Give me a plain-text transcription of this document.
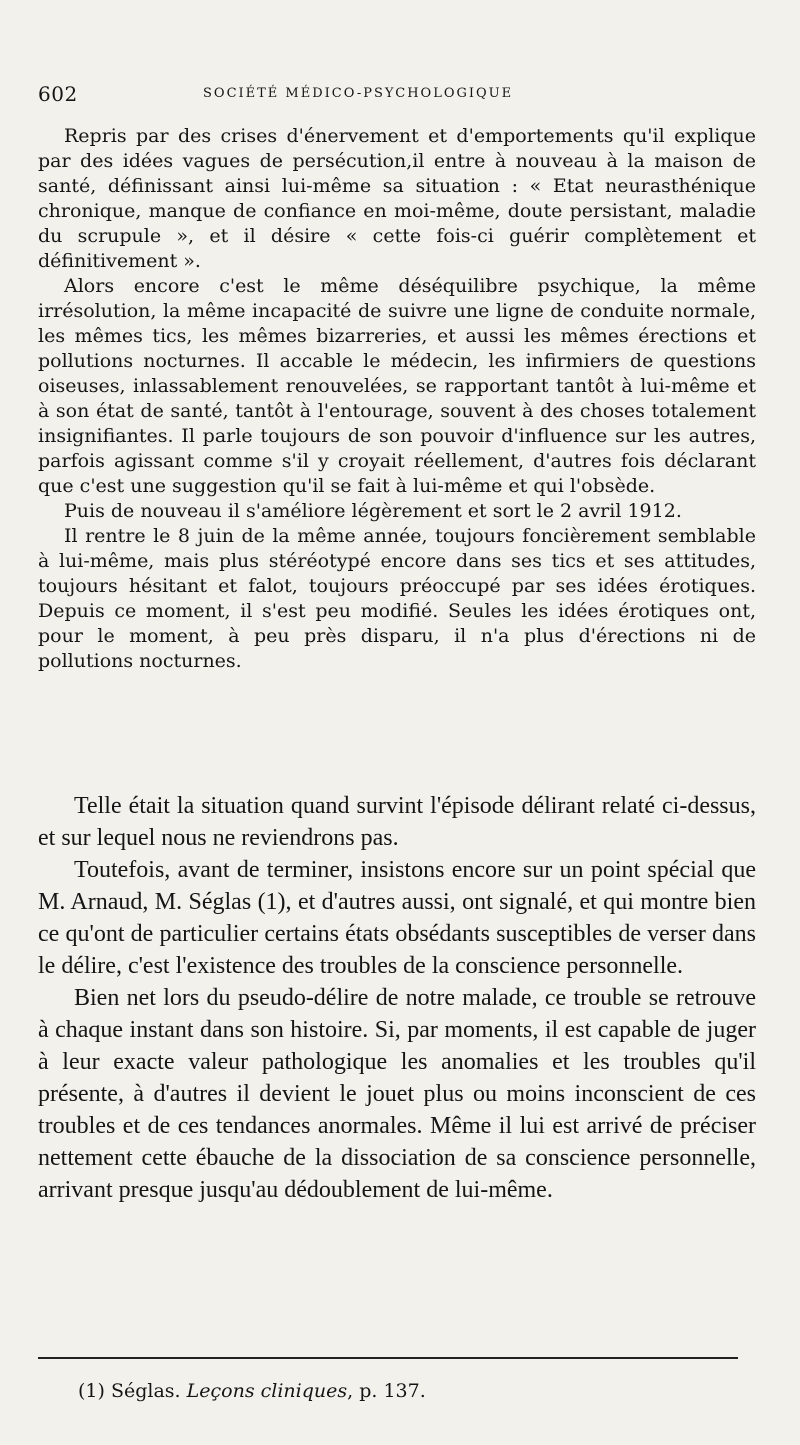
602	SOCIÉTÉ MÉDICO-PSYCHOLOGIQUE

Repris par des crises d'énervement et d'emportements qu'il explique par des idées vagues de persécution,il entre à nouveau à la maison de santé, définissant ainsi lui-même sa situation : « Etat neurasthénique chronique, manque de confiance en moi-même, doute persistant, maladie du scrupule », et il désire « cette fois-ci guérir complètement et définitivement ».

Alors encore c'est le même déséquilibre psychique, la même irrésolution, la même incapacité de suivre une ligne de conduite normale, les mêmes tics, les mêmes bizarreries, et aussi les mêmes érections et pollutions nocturnes. Il accable le médecin, les infirmiers de questions oiseuses, inlassablement renouvelées, se rapportant tantôt à lui-même et à son état de santé, tantôt à l'entourage, souvent à des choses totalement insignifiantes. Il parle toujours de son pouvoir d'influence sur les autres, parfois agissant comme s'il y croyait réellement, d'autres fois déclarant que c'est une suggestion qu'il se fait à lui-même et qui l'obsède.

Puis de nouveau il s'améliore légèrement et sort le 2 avril 1912.

Il rentre le 8 juin de la même année, toujours foncièrement semblable à lui-même, mais plus stéréotypé encore dans ses tics et ses attitudes, toujours hésitant et falot, toujours préoccupé par ses idées érotiques. Depuis ce moment, il s'est peu modifié. Seules les idées érotiques ont, pour le moment, à peu près disparu, il n'a plus d'érections ni de pollutions nocturnes.

Telle était la situation quand survint l'épisode délirant relaté ci-dessus, et sur lequel nous ne reviendrons pas.

Toutefois, avant de terminer, insistons encore sur un point spécial que M. Arnaud, M. Séglas (1), et d'autres aussi, ont signalé, et qui montre bien ce qu'ont de particulier certains états obsédants susceptibles de verser dans le délire, c'est l'existence des troubles de la conscience personnelle.

Bien net lors du pseudo-délire de notre malade, ce trouble se retrouve à chaque instant dans son histoire. Si, par moments, il est capable de juger à leur exacte valeur pathologique les anomalies et les troubles qu'il présente, à d'autres il devient le jouet plus ou moins inconscient de ces troubles et de ces tendances anormales. Même il lui est arrivé de préciser nettement cette ébauche de la dissociation de sa conscience personnelle, arrivant presque jusqu'au dédoublement de lui-même.

(1) Séglas. Leçons cliniques, p. 137.
